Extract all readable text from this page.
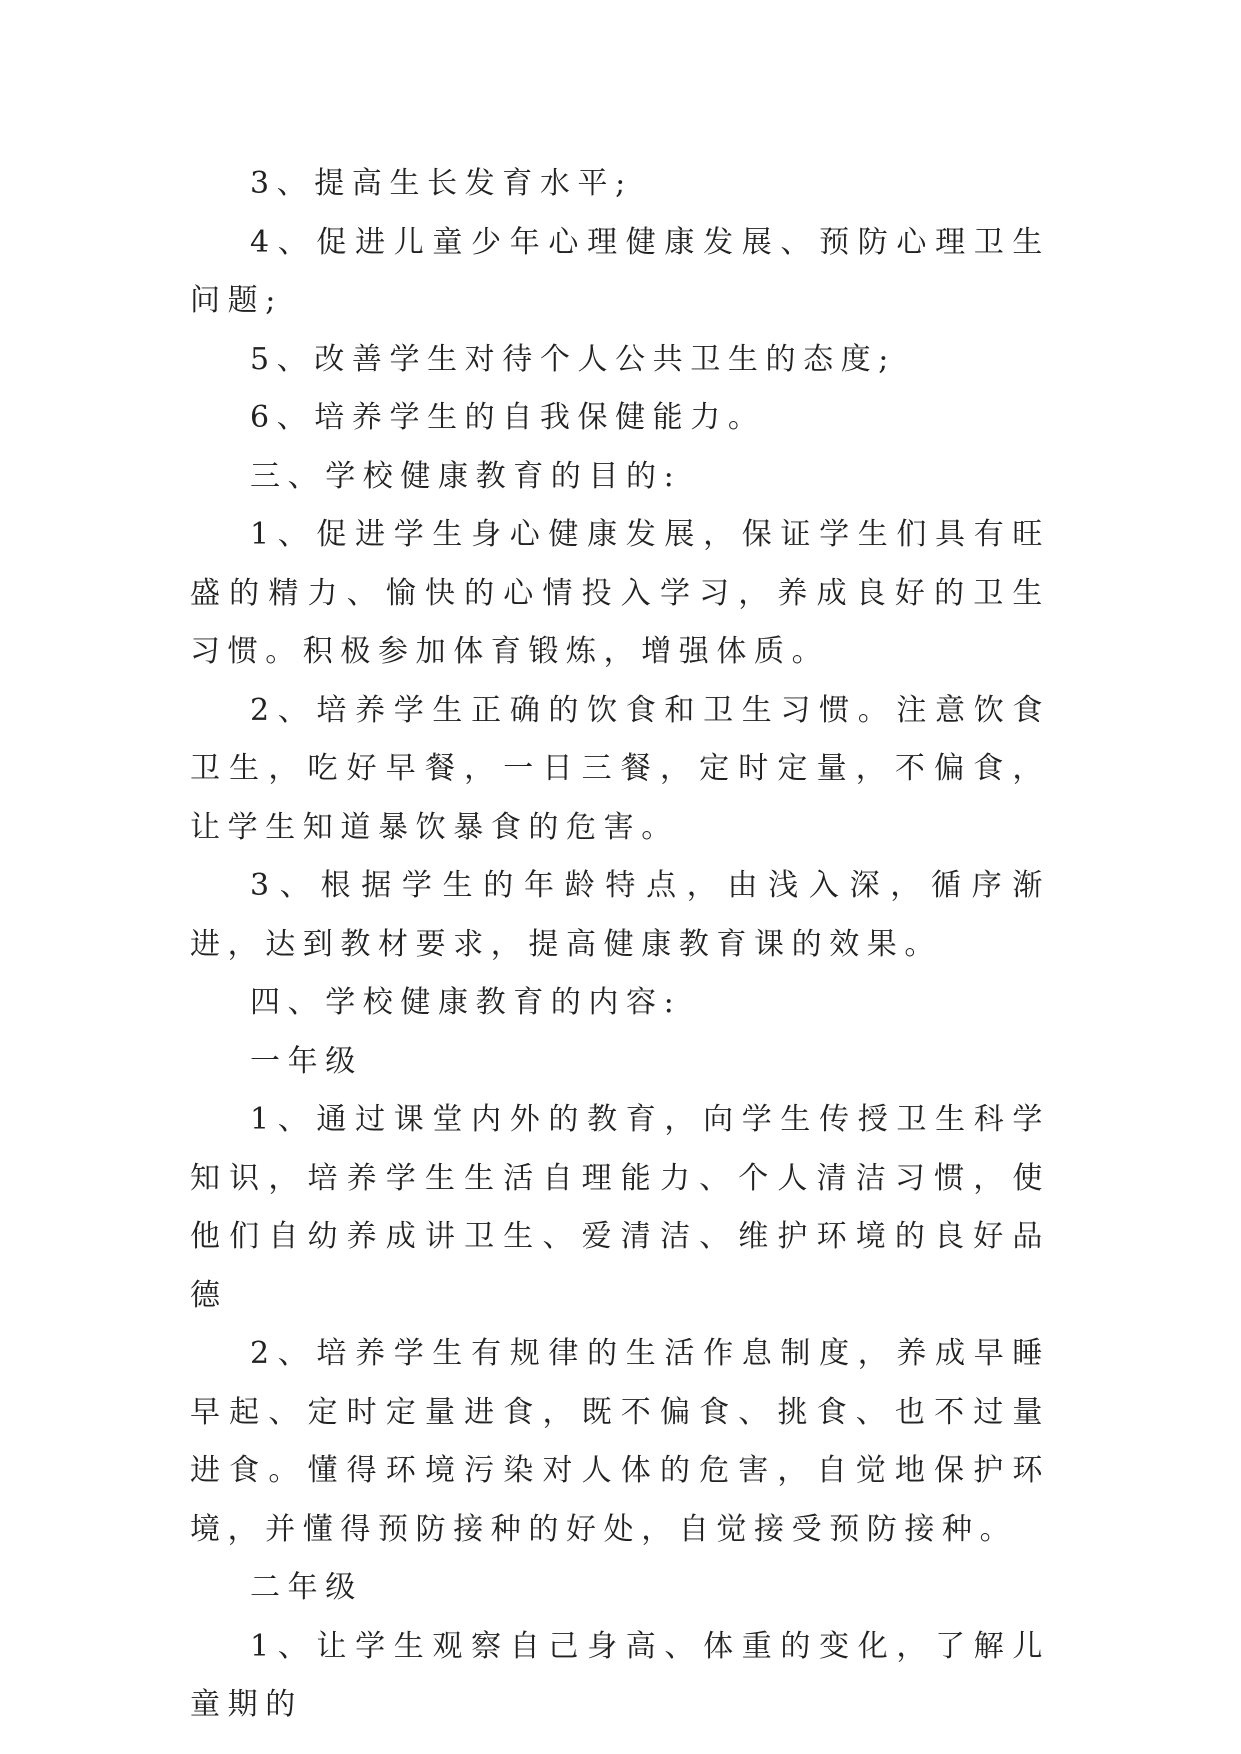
3、提高生长发育水平;

4、促进儿童少年心理健康发展、预防心理卫生问题;

5、改善学生对待个人公共卫生的态度;

6、培养学生的自我保健能力。

三、学校健康教育的目的:

1、促进学生身心健康发展，保证学生们具有旺盛的精力、愉快的心情投入学习，养成良好的卫生习惯。积极参加体育锻炼，增强体质。

2、培养学生正确的饮食和卫生习惯。注意饮食卫生，吃好早餐，一日三餐，定时定量，不偏食，让学生知道暴饮暴食的危害。

3、根据学生的年龄特点，由浅入深，循序渐进，达到教材要求，提高健康教育课的效果。

四、学校健康教育的内容:

一年级

1、通过课堂内外的教育，向学生传授卫生科学知识，培养学生生活自理能力、个人清洁习惯，使他们自幼养成讲卫生、爱清洁、维护环境的良好品德

2、培养学生有规律的生活作息制度，养成早睡早起、定时定量进食，既不偏食、挑食、也不过量进食。懂得环境污染对人体的危害，自觉地保护环境，并懂得预防接种的好处，自觉接受预防接种。

二年级

1、让学生观察自己身高、体重的变化，了解儿童期的
